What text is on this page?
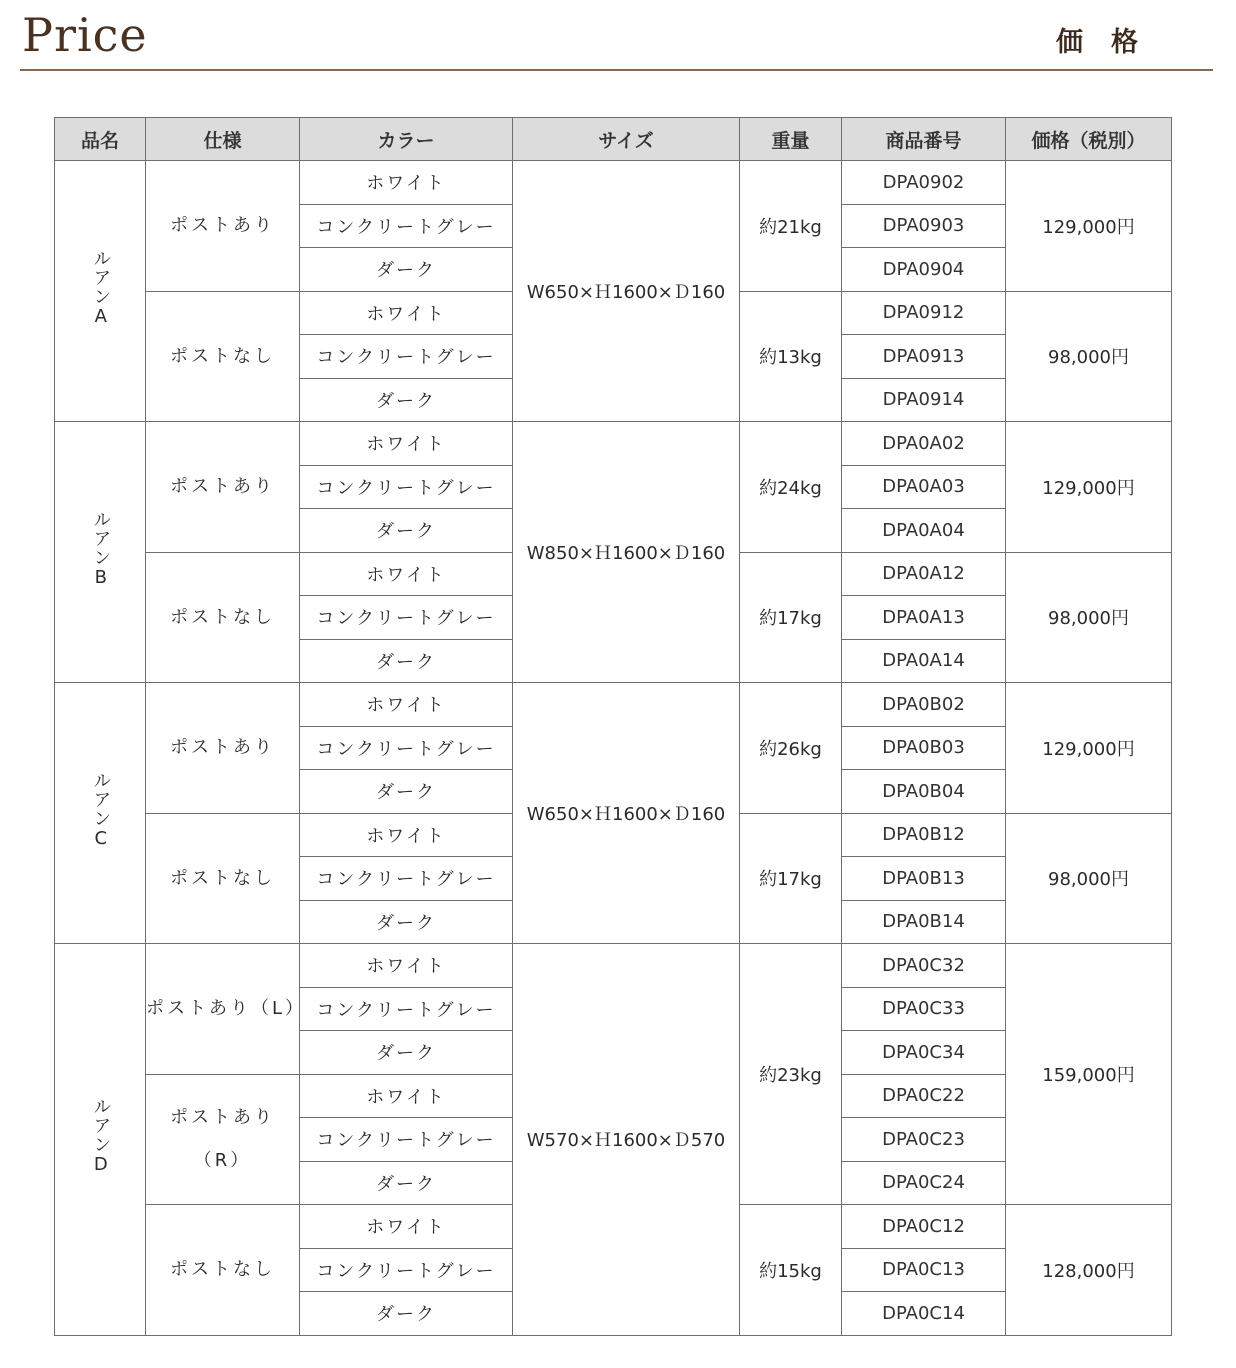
Price	価格
品名	仕様	カラー	サイズ	重量	商品番号	価格（税別）
ルアンA	ポストあり	ホワイト	W650×Ｈ1600×Ｄ160	約21kg	DPA0902	129,000円
		コンクリートグレー			DPA0903	
		ダーク			DPA0904	
	ポストなし	ホワイト		約13kg	DPA0912	98,000円
		コンクリートグレー			DPA0913	
		ダーク			DPA0914	
ルアンB	ポストあり	ホワイト	W850×Ｈ1600×Ｄ160	約24kg	DPA0A02	129,000円
		コンクリートグレー			DPA0A03	
		ダーク			DPA0A04	
	ポストなし	ホワイト		約17kg	DPA0A12	98,000円
		コンクリートグレー			DPA0A13	
		ダーク			DPA0A14	
ルアンC	ポストあり	ホワイト	W650×Ｈ1600×Ｄ160	約26kg	DPA0B02	129,000円
		コンクリートグレー			DPA0B03	
		ダーク			DPA0B04	
	ポストなし	ホワイト		約17kg	DPA0B12	98,000円
		コンクリートグレー			DPA0B13	
		ダーク			DPA0B14	
ルアンD	ポストあり（L）	ホワイト	W570×Ｈ1600×Ｄ570	約23kg	DPA0C32	159,000円
		コンクリートグレー			DPA0C33	
		ダーク			DPA0C34	
	ポストあり（R）	ホワイト			DPA0C22	
		コンクリートグレー			DPA0C23	
		ダーク			DPA0C24	
	ポストなし	ホワイト		約15kg	DPA0C12	128,000円
		コンクリートグレー			DPA0C13	
		ダーク			DPA0C14	
